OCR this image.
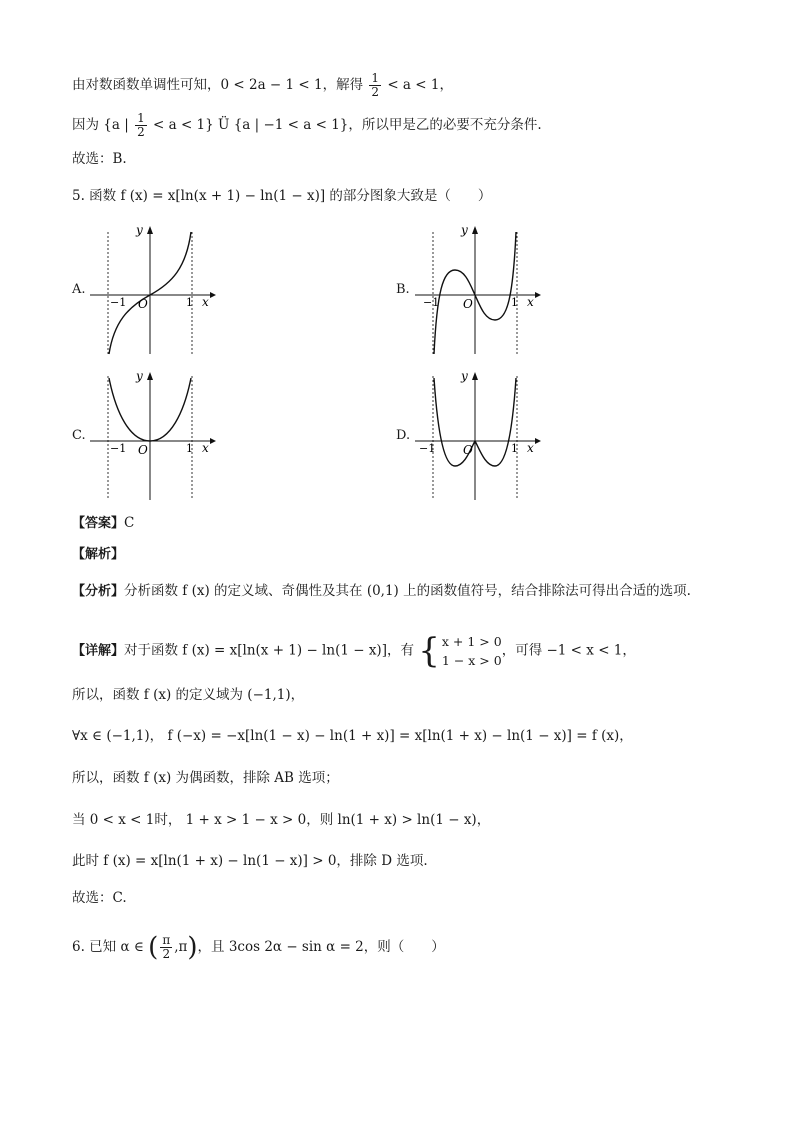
由对数函数单调性可知，0 < 2a − 1 < 1，解得 $\frac{1}{2} < a < 1$，
因为 {a | $\frac{1}{2} < a < 1$} Ü {a | −1 < a < 1}，所以甲是乙的必要不充分条件.
故选：B.
5. 函数 f (x) = x[ln(x + 1) − ln(1 − x)] 的部分图象大致是（　　）
A.	B.
C.	D.
y
x
O
−1	1
y
x
O
−1	1
y
x
O
−1	1
y
x
O
−1	1
【答案】C
【解析】
【分析】分析函数 f (x) 的定义域、奇偶性及其在 (0,1) 上的函数值符号，结合排除法可得出合适的选项.
【详解】对于函数 f (x) = x[ln(x + 1) − ln(1 − x)]，有 { x + 1 > 0
1 − x > 0
，可得 −1 < x < 1，
所以，函数 f (x) 的定义域为 (−1,1)，
∀x ∈ (−1,1)， f (−x) = −x[ln(1 − x) − ln(1 + x)] = x[ln(1 + x) − ln(1 − x)] = f (x)，
所以，函数 f (x) 为偶函数，排除 AB 选项；
当 0 < x < 1时， 1 + x > 1 − x > 0，则 ln(1 + x) > ln(1 − x)，
此时 f (x) = x[ln(1 + x) − ln(1 − x)] > 0，排除 D 选项.
故选：C.
6. 已知 α ∈ ( $\frac{\pi}{2} ,\pi$)，且 3cos 2α − sin α = 2，则（　　）
